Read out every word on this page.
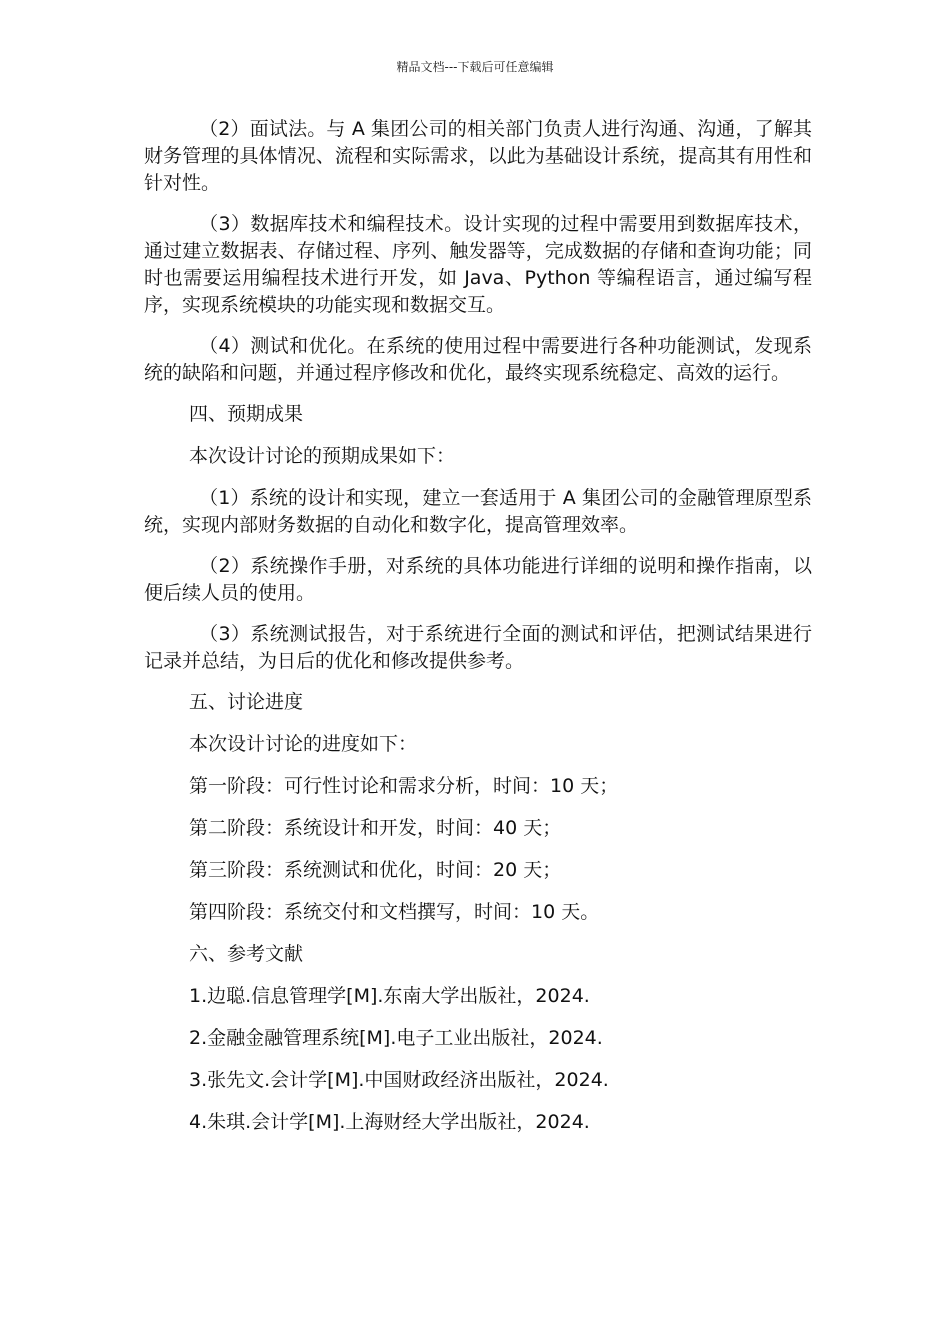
精品文档---下载后可任意编辑

（2）面试法。与 A 集团公司的相关部门负责人进行沟通、沟通，了解其财务管理的具体情况、流程和实际需求，以此为基础设计系统，提高其有用性和针对性。

（3）数据库技术和编程技术。设计实现的过程中需要用到数据库技术，通过建立数据表、存储过程、序列、触发器等，完成数据的存储和查询功能；同时也需要运用编程技术进行开发，如 Java、Python 等编程语言，通过编写程序，实现系统模块的功能实现和数据交互。

（4）测试和优化。在系统的使用过程中需要进行各种功能测试，发现系统的缺陷和问题，并通过程序修改和优化，最终实现系统稳定、高效的运行。

四、预期成果
本次设计讨论的预期成果如下：

（1）系统的设计和实现，建立一套适用于 A 集团公司的金融管理原型系统，实现内部财务数据的自动化和数字化，提高管理效率。

（2）系统操作手册，对系统的具体功能进行详细的说明和操作指南，以便后续人员的使用。

（3）系统测试报告，对于系统进行全面的测试和评估，把测试结果进行记录并总结，为日后的优化和修改提供参考。

五、讨论进度
本次设计讨论的进度如下：
第一阶段：可行性讨论和需求分析，时间：10 天；
第二阶段：系统设计和开发，时间：40 天；
第三阶段：系统测试和优化，时间：20 天；
第四阶段：系统交付和文档撰写，时间：10 天。
六、参考文献
1.边聪.信息管理学[M].东南大学出版社，2024.
2.金融金融管理系统[M].电子工业出版社，2024.
3.张先文.会计学[M].中国财政经济出版社，2024.
4.朱琪.会计学[M].上海财经大学出版社，2024.
